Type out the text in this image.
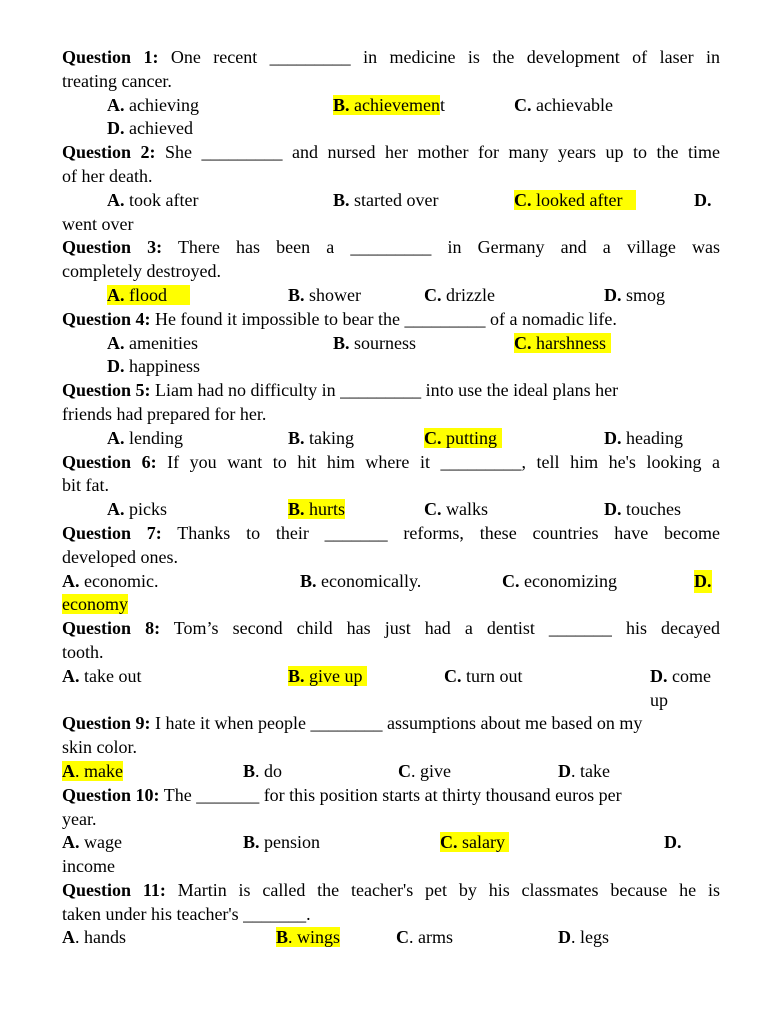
Question 1: One recent _________ in medicine is the development of laser in
treating cancer.
A. achieving	B. achievement	C. achievable
D. achieved
Question 2: She _________ and nursed her mother for many years up to the time
of her death.
A. took after	B. started over	C. looked after	D.
went over
Question 3: There has been a _________ in Germany and a village was
completely destroyed.
A. flood	B. shower	C. drizzle	D. smog
Question 4: He found it impossible to bear the _________ of a nomadic life.
A. amenities	B. sourness	C. harshness
D. happiness
Question 5: Liam had no difficulty in _________ into use the ideal plans her
friends had prepared for her.
A. lending	B. taking	C. putting	D. heading
Question 6: If you want to hit him where it _________, tell him he's looking a
bit fat.
A. picks	B. hurts	C. walks	D. touches
Question 7: Thanks to their _______ reforms, these countries have become
developed ones.
A. economic.	B. economically.	C. economizing	D.
economy
Question 8: Tom’s second child has just had a dentist _______ his decayed
tooth.
A. take out	B. give up	C. turn out	D. come up
Question 9: I hate it when people ________ assumptions about me based on my
skin color.
A. make	B. do	C. give	D. take
Question 10: The _______ for this position starts at thirty thousand euros per
year.
A. wage	B. pension	C. salary	D.
income
Question 11: Martin is called the teacher's pet by his classmates because he is
taken under his teacher's _______.
A. hands	B. wings	C. arms	D. legs
